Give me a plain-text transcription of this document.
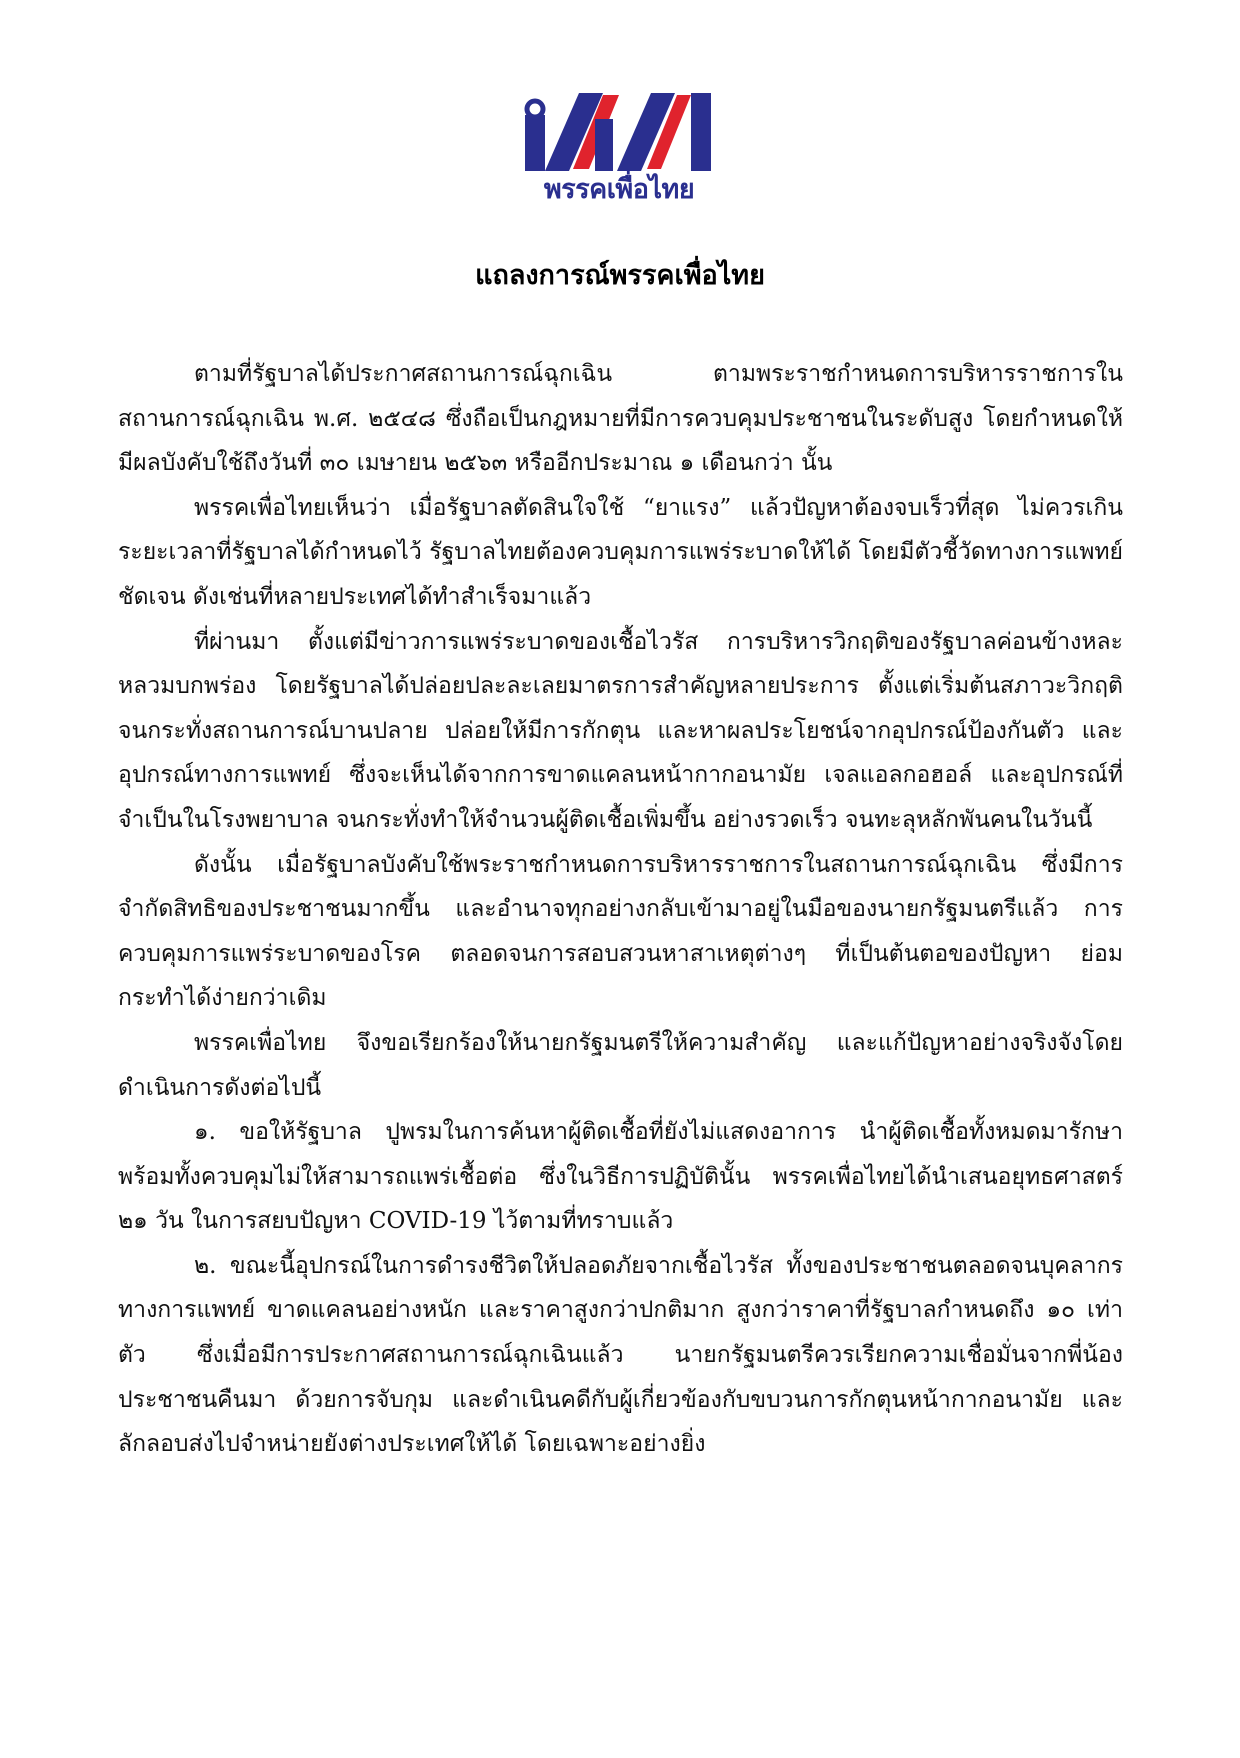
พรรคเพื่อไทย
แถลงการณ์พรรคเพื่อไทย

ตามที่รัฐบาลได้ประกาศสถานการณ์ฉุกเฉิน ตามพระราชกำหนดการบริหารราชการในสถานการณ์ฉุกเฉิน พ.ศ. ๒๕๔๘ ซึ่งถือเป็นกฎหมายที่มีการควบคุมประชาชนในระดับสูง โดยกำหนดให้มีผลบังคับใช้ถึงวันที่ ๓๐ เมษายน ๒๕๖๓ หรืออีกประมาณ ๑ เดือนกว่า นั้น

พรรคเพื่อไทยเห็นว่า เมื่อรัฐบาลตัดสินใจใช้ “ยาแรง” แล้วปัญหาต้องจบเร็วที่สุด ไม่ควรเกินระยะเวลาที่รัฐบาลได้กำหนดไว้ รัฐบาลไทยต้องควบคุมการแพร่ระบาดให้ได้ โดยมีตัวชี้วัดทางการแพทย์ชัดเจน ดังเช่นที่หลายประเทศได้ทำสำเร็จมาแล้ว

ที่ผ่านมา ตั้งแต่มีข่าวการแพร่ระบาดของเชื้อไวรัส การบริหารวิกฤติของรัฐบาลค่อนข้างหละหลวมบกพร่อง โดยรัฐบาลได้ปล่อยปละละเลยมาตรการสำคัญหลายประการ ตั้งแต่เริ่มต้นสภาวะวิกฤติ จนกระทั่งสถานการณ์บานปลาย ปล่อยให้มีการกักตุน และหาผลประโยชน์จากอุปกรณ์ป้องกันตัว และอุปกรณ์ทางการแพทย์ ซึ่งจะเห็นได้จากการขาดแคลนหน้ากากอนามัย เจลแอลกอฮอล์ และอุปกรณ์ที่จำเป็นในโรงพยาบาล จนกระทั่งทำให้จำนวนผู้ติดเชื้อเพิ่มขึ้น อย่างรวดเร็ว จนทะลุหลักพันคนในวันนี้

ดังนั้น เมื่อรัฐบาลบังคับใช้พระราชกำหนดการบริหารราชการในสถานการณ์ฉุกเฉิน ซึ่งมีการจำกัดสิทธิของประชาชนมากขึ้น และอำนาจทุกอย่างกลับเข้ามาอยู่ในมือของนายกรัฐมนตรีแล้ว การควบคุมการแพร่ระบาดของโรค ตลอดจนการสอบสวนหาสาเหตุต่างๆ ที่เป็นต้นตอของปัญหา ย่อมกระทำได้ง่ายกว่าเดิม

พรรคเพื่อไทย จึงขอเรียกร้องให้นายกรัฐมนตรีให้ความสำคัญ และแก้ปัญหาอย่างจริงจังโดยดำเนินการดังต่อไปนี้

๑. ขอให้รัฐบาล ปูพรมในการค้นหาผู้ติดเชื้อที่ยังไม่แสดงอาการ นำผู้ติดเชื้อทั้งหมดมารักษา พร้อมทั้งควบคุมไม่ให้สามารถแพร่เชื้อต่อ ซึ่งในวิธีการปฏิบัตินั้น พรรคเพื่อไทยได้นำเสนอยุทธศาสตร์ ๒๑ วัน ในการสยบปัญหา COVID-19 ไว้ตามที่ทราบแล้ว

๒. ขณะนี้อุปกรณ์ในการดำรงชีวิตให้ปลอดภัยจากเชื้อไวรัส ทั้งของประชาชนตลอดจนบุคลากรทางการแพทย์ ขาดแคลนอย่างหนัก และราคาสูงกว่าปกติมาก สูงกว่าราคาที่รัฐบาลกำหนดถึง ๑๐ เท่าตัว ซึ่งเมื่อมีการประกาศสถานการณ์ฉุกเฉินแล้ว นายกรัฐมนตรีควรเรียกความเชื่อมั่นจากพี่น้องประชาชนคืนมา ด้วยการจับกุม และดำเนินคดีกับผู้เกี่ยวข้องกับขบวนการกักตุนหน้ากากอนามัย และลักลอบส่งไปจำหน่ายยังต่างประเทศให้ได้ โดยเฉพาะอย่างยิ่ง
